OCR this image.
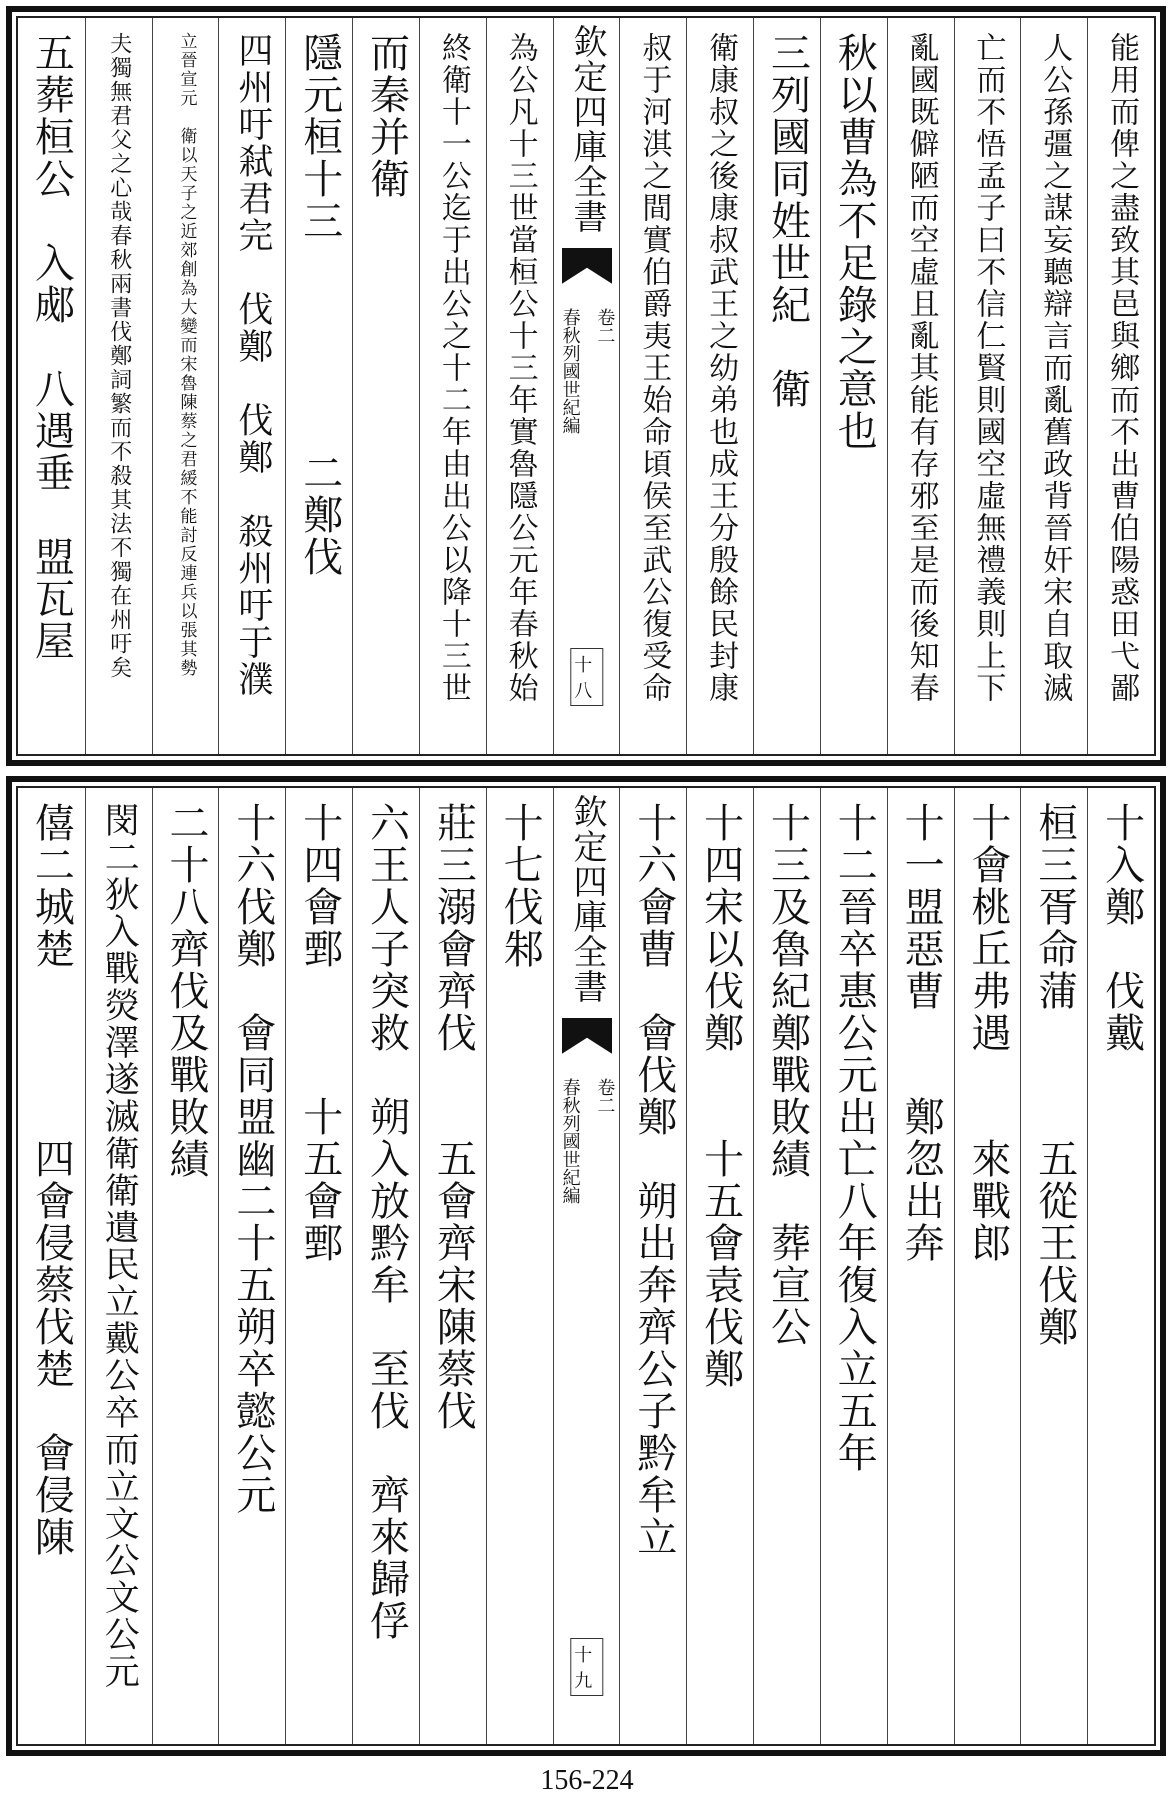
能用而俾之盡致其邑與鄉而不出曹伯陽惑田弋鄙
人公孫彊之謀妄聽辯言而亂舊政背晉奸宋自取滅
亡而不悟孟子曰不信仁賢則國空虛無禮義則上下
亂國既僻陋而空虛且亂其能有存邪至是而後知春
秋以曹為不足錄之意也
三列國同姓世紀　衛
衛康叔之後康叔武王之幼弟也成王分殷餘民封康
叔于河淇之間實伯爵夷王始命頃侯至武公復受命
欽定四庫全書
春秋列國世紀編 卷二
十八
為公凡十三世當桓公十三年實魯隱公元年春秋始
終衛十一公迄于出公之十二年由出公以降十三世
而秦并衛
隱元桓十三　　　　　二鄭伐
四州吁弒君完　伐鄭　伐鄭　殺州吁于濮
立晉宣元　衛以天子之近郊創為大變而宋魯陳蔡之君緩不能討反連兵以張其勢
夫獨無君父之心哉春秋兩書伐鄭詞繁而不殺其法不獨在州吁矣
五葬桓公　入郕　八遇垂　盟瓦屋
十入鄭　伐戴
桓三胥命蒲　　　五從王伐鄭
十會桃丘弗遇　　來戰郎
十一盟惡曹　　鄭忽出奔
十二晉卒惠公元出亡八年復入立五年
十三及魯紀鄭戰敗績　葬宣公
十四宋以伐鄭　　十五會袁伐鄭
十六會曹　會伐鄭　朔出奔齊公子黔牟立
欽定四庫全書
春秋列國世紀編 卷二
十九
十七伐邾
莊三溺會齊伐　　五會齊宋陳蔡伐
六王人子突救　朔入放黔牟　至伐　齊來歸俘
十四會鄄　　　十五會鄄
十六伐鄭　會同盟幽二十五朔卒懿公元
二十八齊伐及戰敗績
閔二狄入戰熒澤遂滅衛衛遺民立戴公卒而立文公文公元
僖二城楚　　　　四會侵蔡伐楚　會侵陳
156-224
